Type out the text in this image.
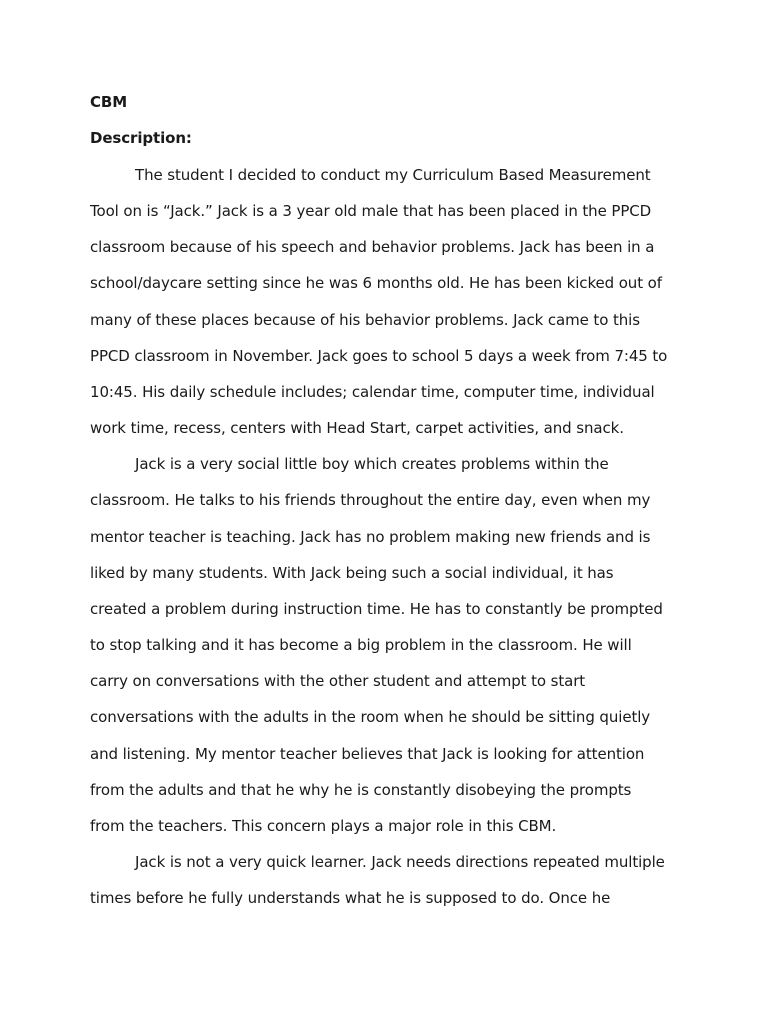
CBM
Description:
The student I decided to conduct my Curriculum Based Measurement
Tool on is “Jack.” Jack is a 3 year old male that has been placed in the PPCD
classroom because of his speech and behavior problems. Jack has been in a
school/daycare setting since he was 6 months old. He has been kicked out of
many of these places because of his behavior problems. Jack came to this
PPCD classroom in November. Jack goes to school 5 days a week from 7:45 to
10:45. His daily schedule includes; calendar time, computer time, individual
work time, recess, centers with Head Start, carpet activities, and snack.
Jack is a very social little boy which creates problems within the
classroom. He talks to his friends throughout the entire day, even when my
mentor teacher is teaching. Jack has no problem making new friends and is
liked by many students. With Jack being such a social individual, it has
created a problem during instruction time. He has to constantly be prompted
to stop talking and it has become a big problem in the classroom. He will
carry on conversations with the other student and attempt to start
conversations with the adults in the room when he should be sitting quietly
and listening. My mentor teacher believes that Jack is looking for attention
from the adults and that he why he is constantly disobeying the prompts
from the teachers. This concern plays a major role in this CBM.
Jack is not a very quick learner. Jack needs directions repeated multiple
times before he fully understands what he is supposed to do. Once he
